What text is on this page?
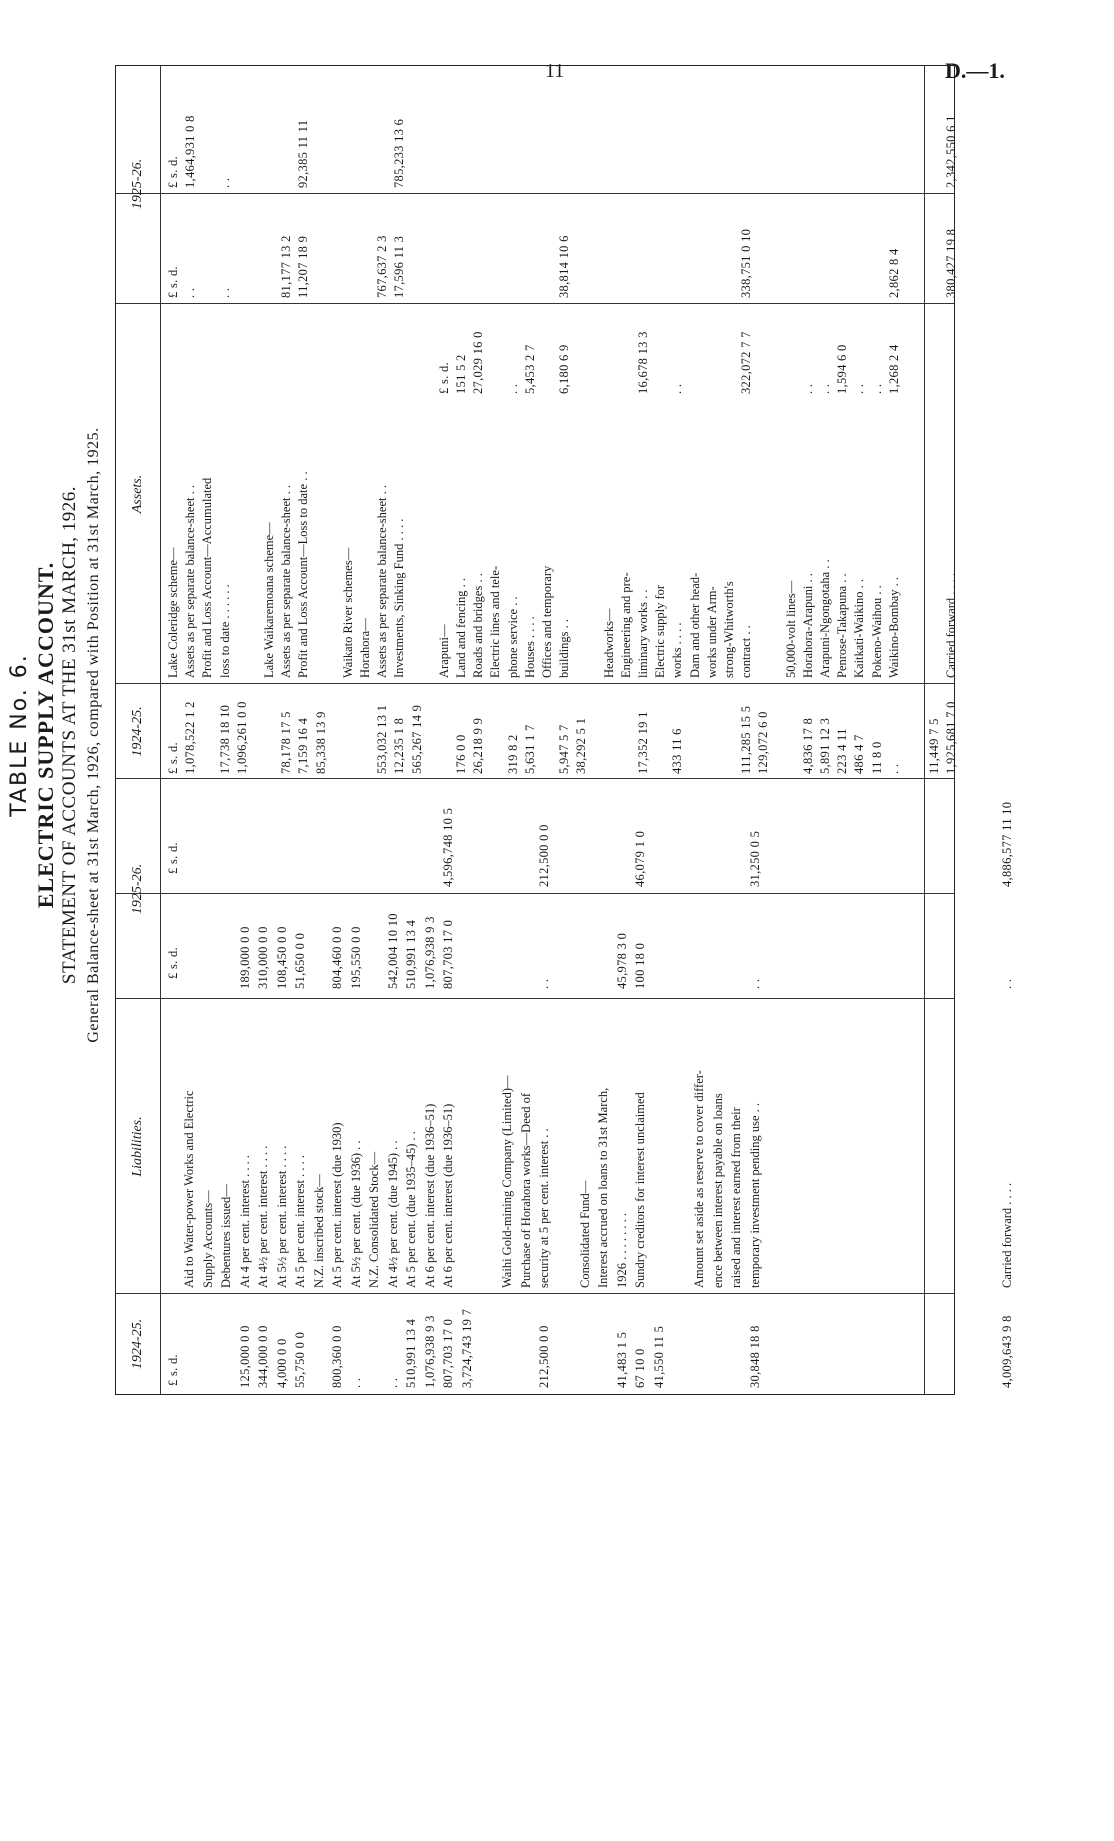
11	D.—1.
TABLE No. 6. ELECTRIC SUPPLY ACCOUNT. STATEMENT OF ACCOUNTS AT THE 31st MARCH, 1926. General Balance-sheet at 31st March, 1926, compared with Position at 31st March, 1925.
1924-25.
Liabilities.
1925-26.
1924-25.
Assets.
1925-26.
£ s. d.
£ s. d.
£ s. d.
Aid to Water-power Works and Electric Supply Accounts— Debentures issued—
125,000 0 0
At 4 per cent. interest . . . .
189,000 0 0
344,000 0 0
At 4½ per cent. interest . . . .
310,000 0 0
4,000 0 0
At 5½ per cent. interest . . . .
108,450 0 0
55,750 0 0
At 5 per cent. interest . . . .
51,650 0 0
N.Z. inscribed stock—
800,360 0 0
At 5 per cent. interest (due 1930)
804,460 0 0
. .
At 5½ per cent. (due 1936) . .
195,550 0 0
N.Z. Consolidated Stock—
. .
At 4½ per cent. (due 1945) . .
542,004 10 10
510,991 13 4
At 5 per cent. (due 1935–45) . .
510,991 13 4
1,076,938 9 3
At 6 per cent. interest (due 1936–51)
1,076,938 9 3
807,703 17 0
At 6 per cent. interest (due 1936–51)
807,703 17 0
4,596,748 10 5
3,724,743 19 7
Waihi Gold-mining Company (Limited)— Purchase of Horahora works—Deed of
212,500 0 0
security at 5 per cent. interest . .
. .
212,500 0 0
Consolidated Fund— Interest accrued on loans to 31st March,
41,483 1 5
1926 . . . . . . . .
45,978 3 0
67 10 0
Sundry creditors for interest unclaimed
100 18 0
46,079 1 0
41,550 11 5
Amount set aside as reserve to cover differ- ence between interest payable on loans raised and interest earned from their
30,848 18 8
temporary investment pending use . .
. .
31,250 0 5
4,009,643 9 8
Carried forward . . . .
. .
4,886,577 11 10
£ s. d.
Lake Coleridge scheme—
£ s. d.
£ s. d.
1,078,522 1 2
Assets as per separate balance-sheet . .
. .
1,464,931 0 8
Profit and Loss Account—Accumulated
17,738 18 10
loss to date . . . . . .
. .
. .
1,096,261 0 0
Lake Waikaremoana scheme—
78,178 17 5
Assets as per separate balance-sheet . .
81,177 13 2
7,159 16 4
Profit and Loss Account—Loss to date . .
11,207 18 9
92,385 11 11
85,338 13 9
Waikato River schemes— Horahora—
553,032 13 1
Assets as per separate balance-sheet . .
767,637 2 3
12,235 1 8
Investments, Sinking Fund . . . .
17,596 11 3
785,233 13 6
565,267 14 9
Arapuni—
£ s. d.
176 0 0
Land and fencing . .
151 5 2
26,218 9 9
Roads and bridges . .
27,029 16 0
Electric lines and tele-
319 8 2
phone service . .
. .
5,631 1 7
Houses . . . .
5,453 2 7
Offices and temporary
5,947 5 7
buildings . .
6,180 6 9
38,814 10 6
38,292 5 1
Headworks— Engineering and pre-
17,352 19 1
liminary works . .
16,678 13 3
Electric supply for
433 11 6
works . . . .
. .
Dam and other head- works under Arm- strong-Whitworth's
111,285 15 5
contract . .
322,072 7 7
338,751 0 10
129,072 6 0
50,000-volt lines—
4,836 17 8
Horahora-Arapuni . .
. .
5,891 12 3
Arapuni-Ngongotaha . .
. .
223 4 11
Penrose-Takapuna . .
1,594 6 0
486 4 7
Kaitkati-Waikino . .
. .
11 8 0
Pokeno-Waihou . .
. .
. .
Waikino-Bombay . .
1,268 2 4
2,862 8 4
11,449 7 5 1,925,681 7 0
Carried forward . . . .
380,427 19 8
2,342,550 6 1
